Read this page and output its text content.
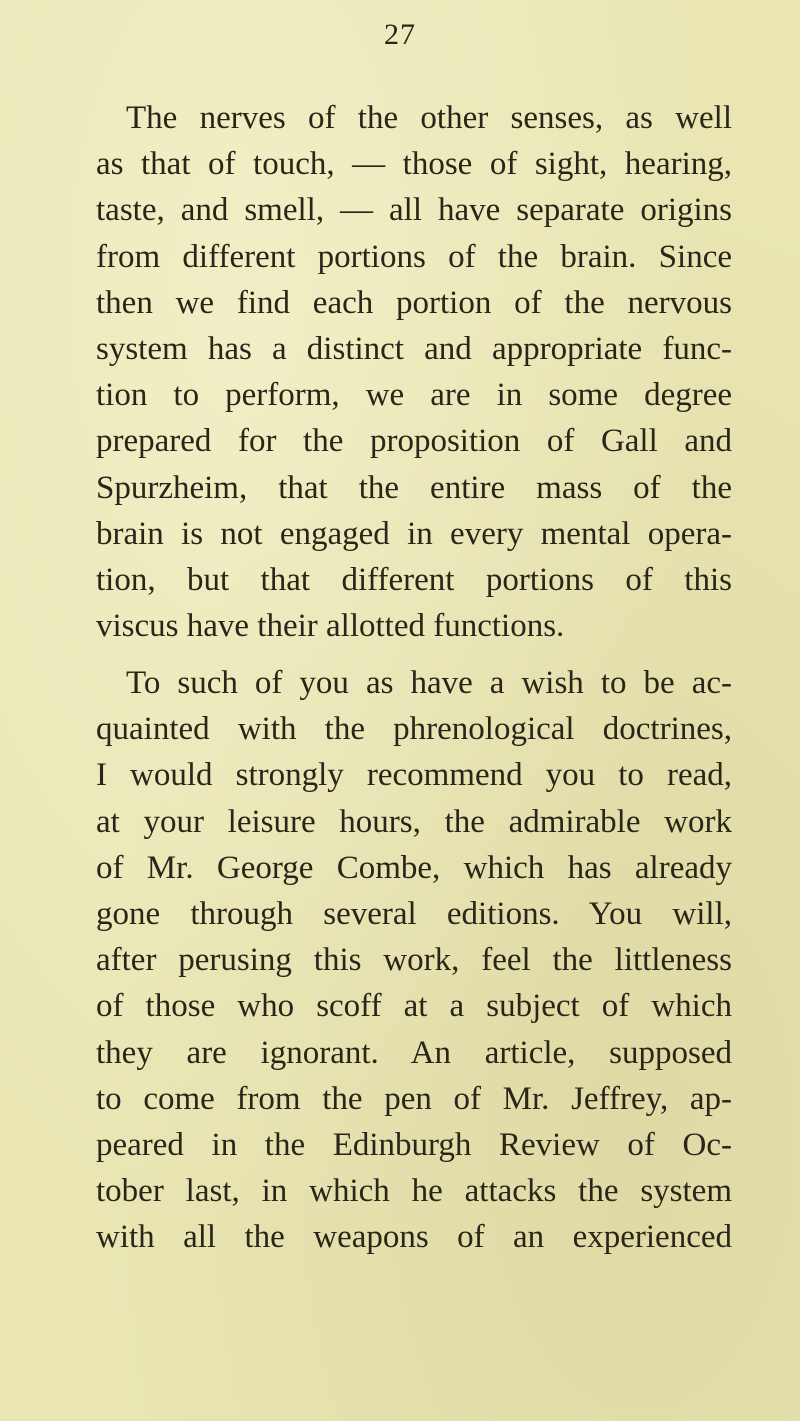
27
The nerves of the other senses, as well
as that of touch, — those of sight, hearing,
taste, and smell, — all have separate origins
from different portions of the brain. Since
then we find each portion of the nervous
system has a distinct and appropriate func-
tion to perform, we are in some degree
prepared for the proposition of Gall and
Spurzheim, that the entire mass of the
brain is not engaged in every mental opera-
tion, but that different portions of this
viscus have their allotted functions.
To such of you as have a wish to be ac-
quainted with the phrenological doctrines,
I would strongly recommend you to read,
at your leisure hours, the admirable work
of Mr. George Combe, which has already
gone through several editions. You will,
after perusing this work, feel the littleness
of those who scoff at a subject of which
they are ignorant. An article, supposed
to come from the pen of Mr. Jeffrey, ap-
peared in the Edinburgh Review of Oc-
tober last, in which he attacks the system
with all the weapons of an experienced
